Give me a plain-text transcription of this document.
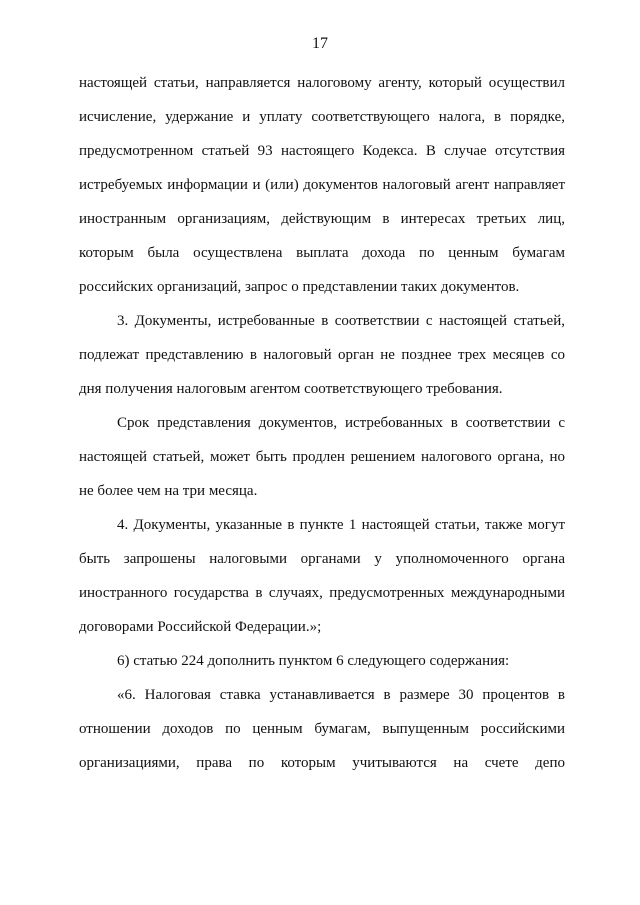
17
настоящей статьи, направляется налоговому агенту, который осуществил
исчисление, удержание и уплату соответствующего налога, в порядке,
предусмотренном статьей 93 настоящего Кодекса. В случае отсутствия
истребуемых информации и (или) документов налоговый агент направляет
иностранным организациям, действующим в интересах третьих лиц,
которым была осуществлена выплата дохода по ценным бумагам
российских организаций, запрос о представлении таких документов.
3. Документы, истребованные в соответствии с настоящей статьей,
подлежат представлению в налоговый орган не позднее трех месяцев со
дня получения налоговым агентом соответствующего требования.
Срок представления документов, истребованных в соответствии с
настоящей статьей, может быть продлен решением налогового органа, но
не более чем на три месяца.
4. Документы, указанные в пункте 1 настоящей статьи, также могут
быть запрошены налоговыми органами у уполномоченного органа
иностранного государства в случаях, предусмотренных международными
договорами Российской Федерации.»;
6) статью 224 дополнить пунктом 6 следующего содержания:
«6. Налоговая ставка устанавливается в размере 30 процентов в
отношении доходов по ценным бумагам, выпущенным российскими
организациями, права по которым учитываются на счете депо
